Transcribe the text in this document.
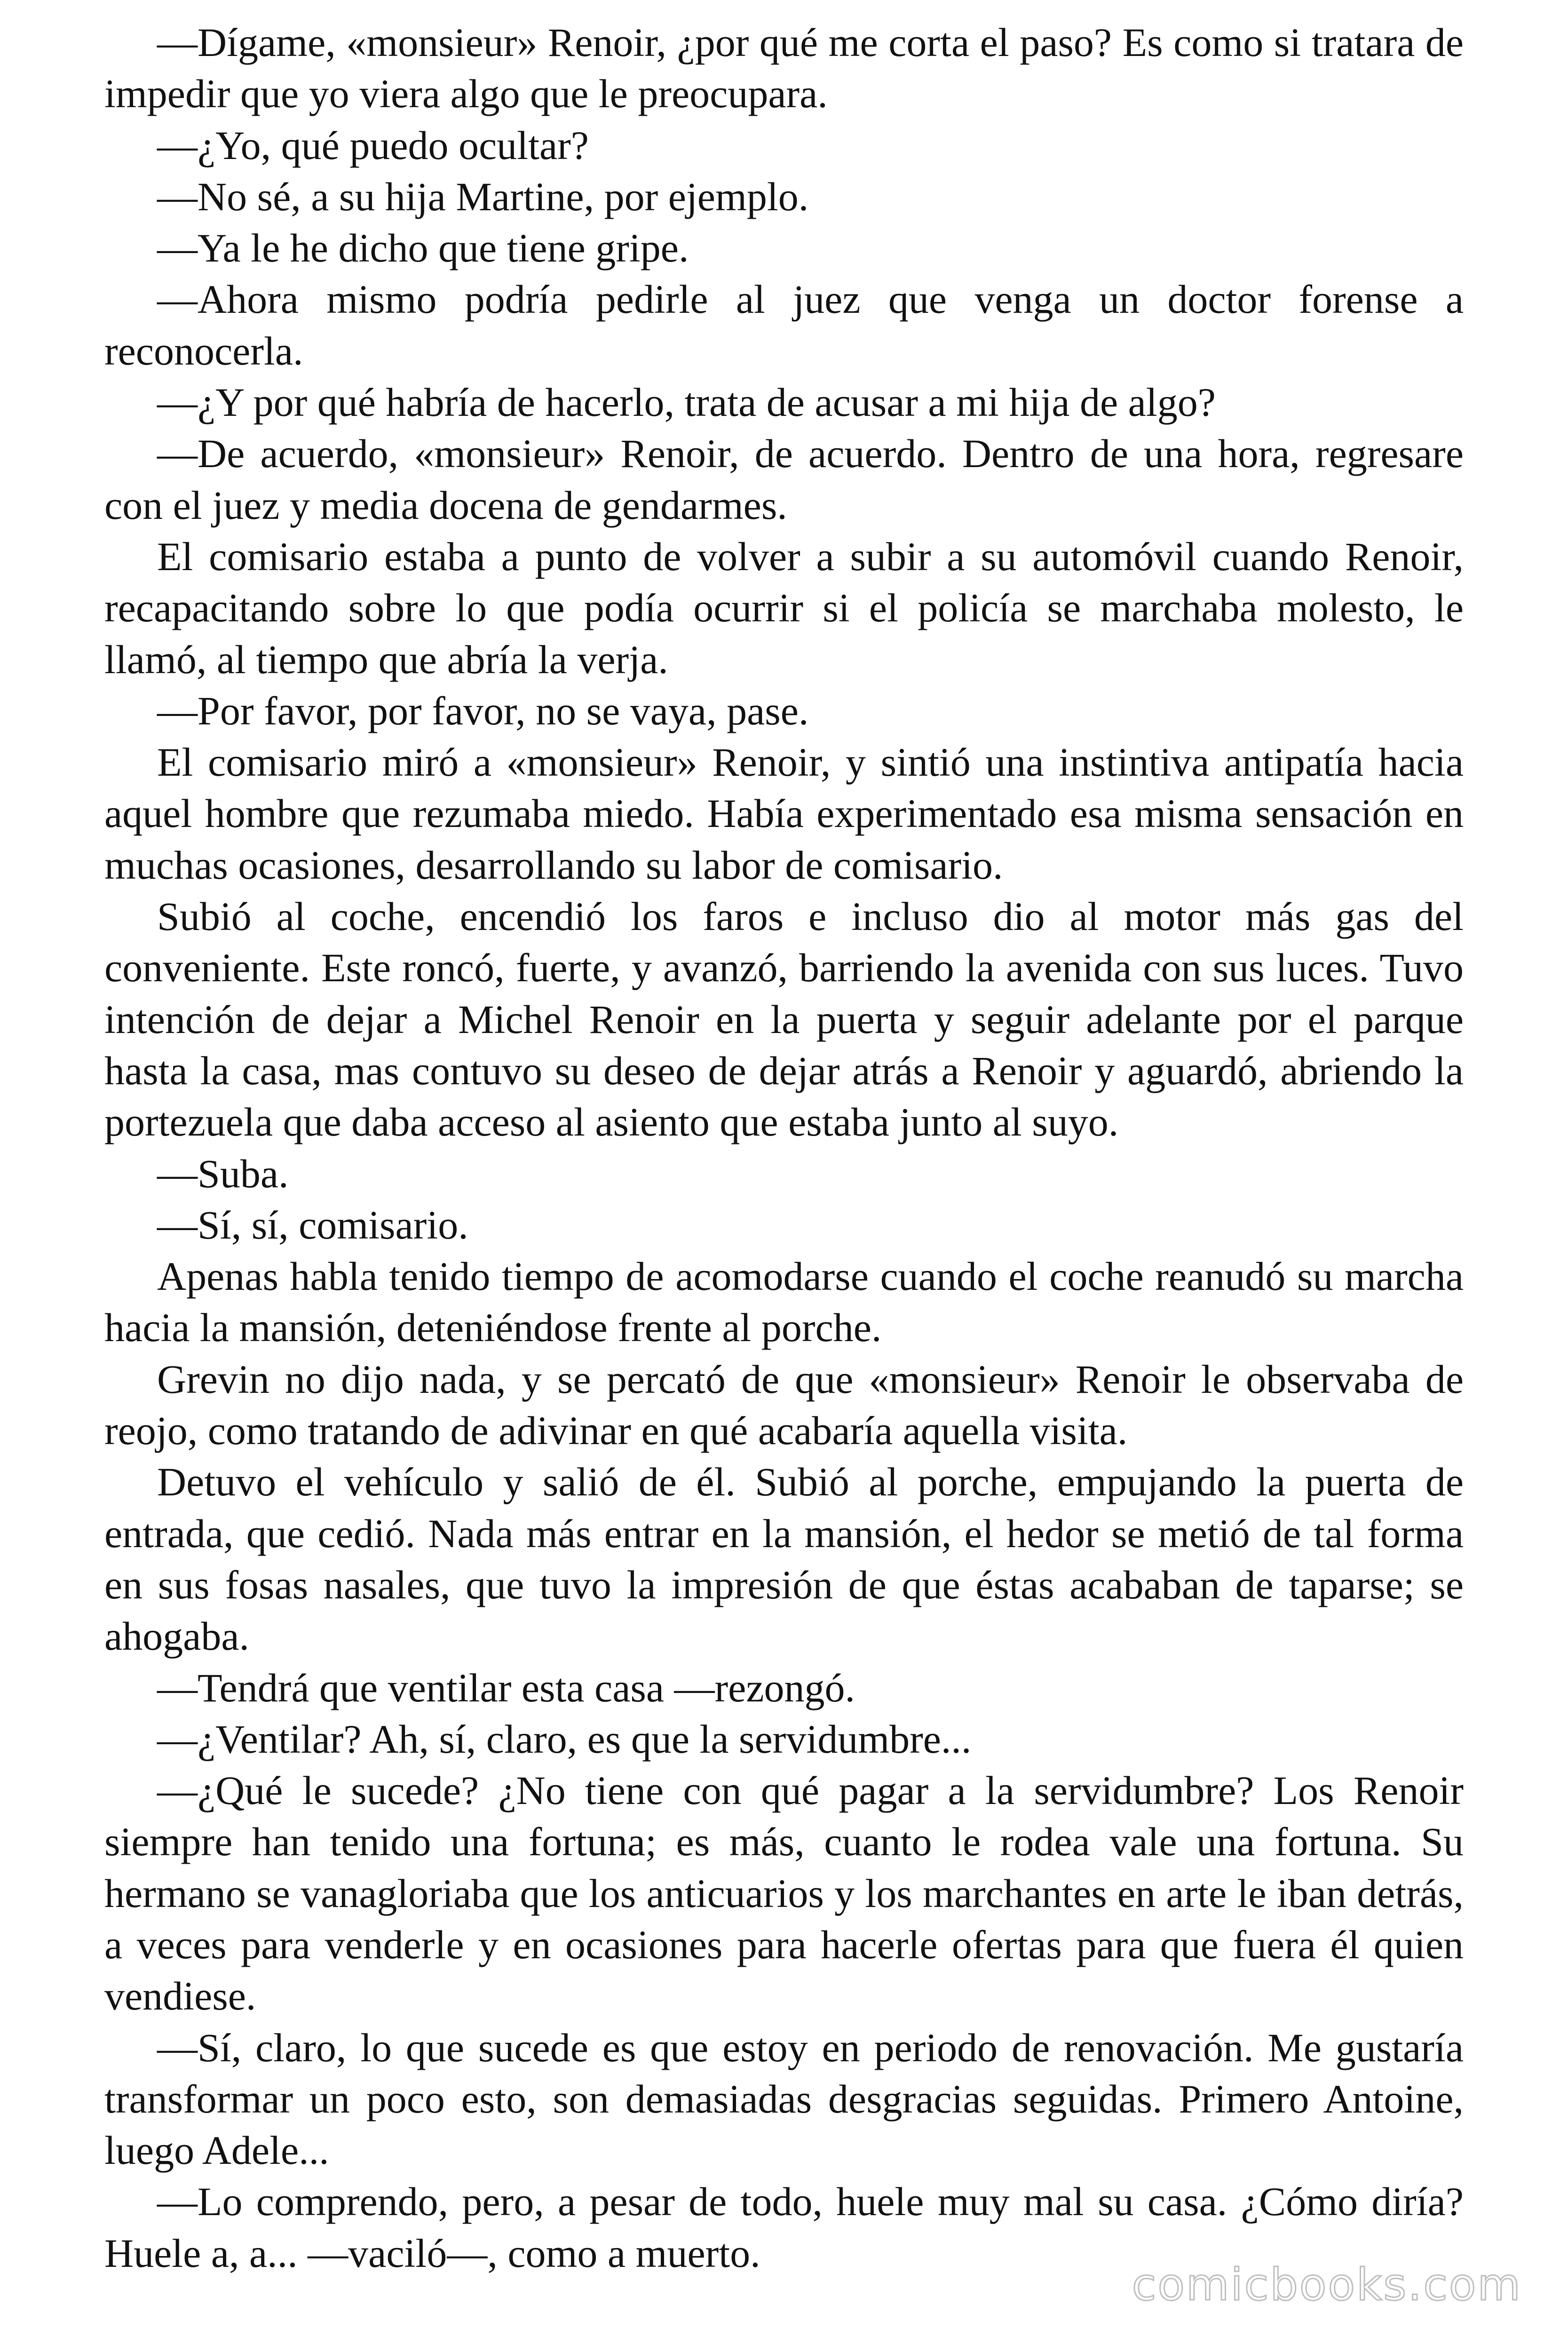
—Dígame, «monsieur» Renoir, ¿por qué me corta el paso? Es como si tratara de impedir que yo viera algo que le preocupara.

—¿Yo, qué puedo ocultar?

—No sé, a su hija Martine, por ejemplo.

—Ya le he dicho que tiene gripe.

—Ahora mismo podría pedirle al juez que venga un doctor forense a reconocerla.

—¿Y por qué habría de hacerlo, trata de acusar a mi hija de algo?

—De acuerdo, «monsieur» Renoir, de acuerdo. Dentro de una hora, regresare con el juez y media docena de gendarmes.

El comisario estaba a punto de volver a subir a su automóvil cuando Renoir, recapacitando sobre lo que podía ocurrir si el policía se marchaba molesto, le llamó, al tiempo que abría la verja.

—Por favor, por favor, no se vaya, pase.

El comisario miró a «monsieur» Renoir, y sintió una instintiva antipatía hacia aquel hombre que rezumaba miedo. Había experimentado esa misma sensación en muchas ocasiones, desarrollando su labor de comisario.

Subió al coche, encendió los faros e incluso dio al motor más gas del conveniente. Este roncó, fuerte, y avanzó, barriendo la avenida con sus luces. Tuvo intención de dejar a Michel Renoir en la puerta y seguir adelante por el parque hasta la casa, mas contuvo su deseo de dejar atrás a Renoir y aguardó, abriendo la portezuela que daba acceso al asiento que estaba junto al suyo.

—Suba.

—Sí, sí, comisario.

Apenas habla tenido tiempo de acomodarse cuando el coche reanudó su marcha hacia la mansión, deteniéndose frente al porche.

Grevin no dijo nada, y se percató de que «monsieur» Renoir le observaba de reojo, como tratando de adivinar en qué acabaría aquella visita.

Detuvo el vehículo y salió de él. Subió al porche, empujando la puerta de entrada, que cedió. Nada más entrar en la mansión, el hedor se metió de tal forma en sus fosas nasales, que tuvo la impresión de que éstas acababan de taparse; se ahogaba.

—Tendrá que ventilar esta casa —rezongó.

—¿Ventilar? Ah, sí, claro, es que la servidumbre...

—¿Qué le sucede? ¿No tiene con qué pagar a la servidumbre? Los Renoir siempre han tenido una fortuna; es más, cuanto le rodea vale una fortuna. Su hermano se vanagloriaba que los anticuarios y los marchantes en arte le iban detrás, a veces para venderle y en ocasiones para hacerle ofertas para que fuera él quien vendiese.

—Sí, claro, lo que sucede es que estoy en periodo de renovación. Me gustaría transformar un poco esto, son demasiadas desgracias seguidas. Primero Antoine, luego Adele...

—Lo comprendo, pero, a pesar de todo, huele muy mal su casa. ¿Cómo diría? Huele a, a... —vaciló—, como a muerto.

comicbooks.com
